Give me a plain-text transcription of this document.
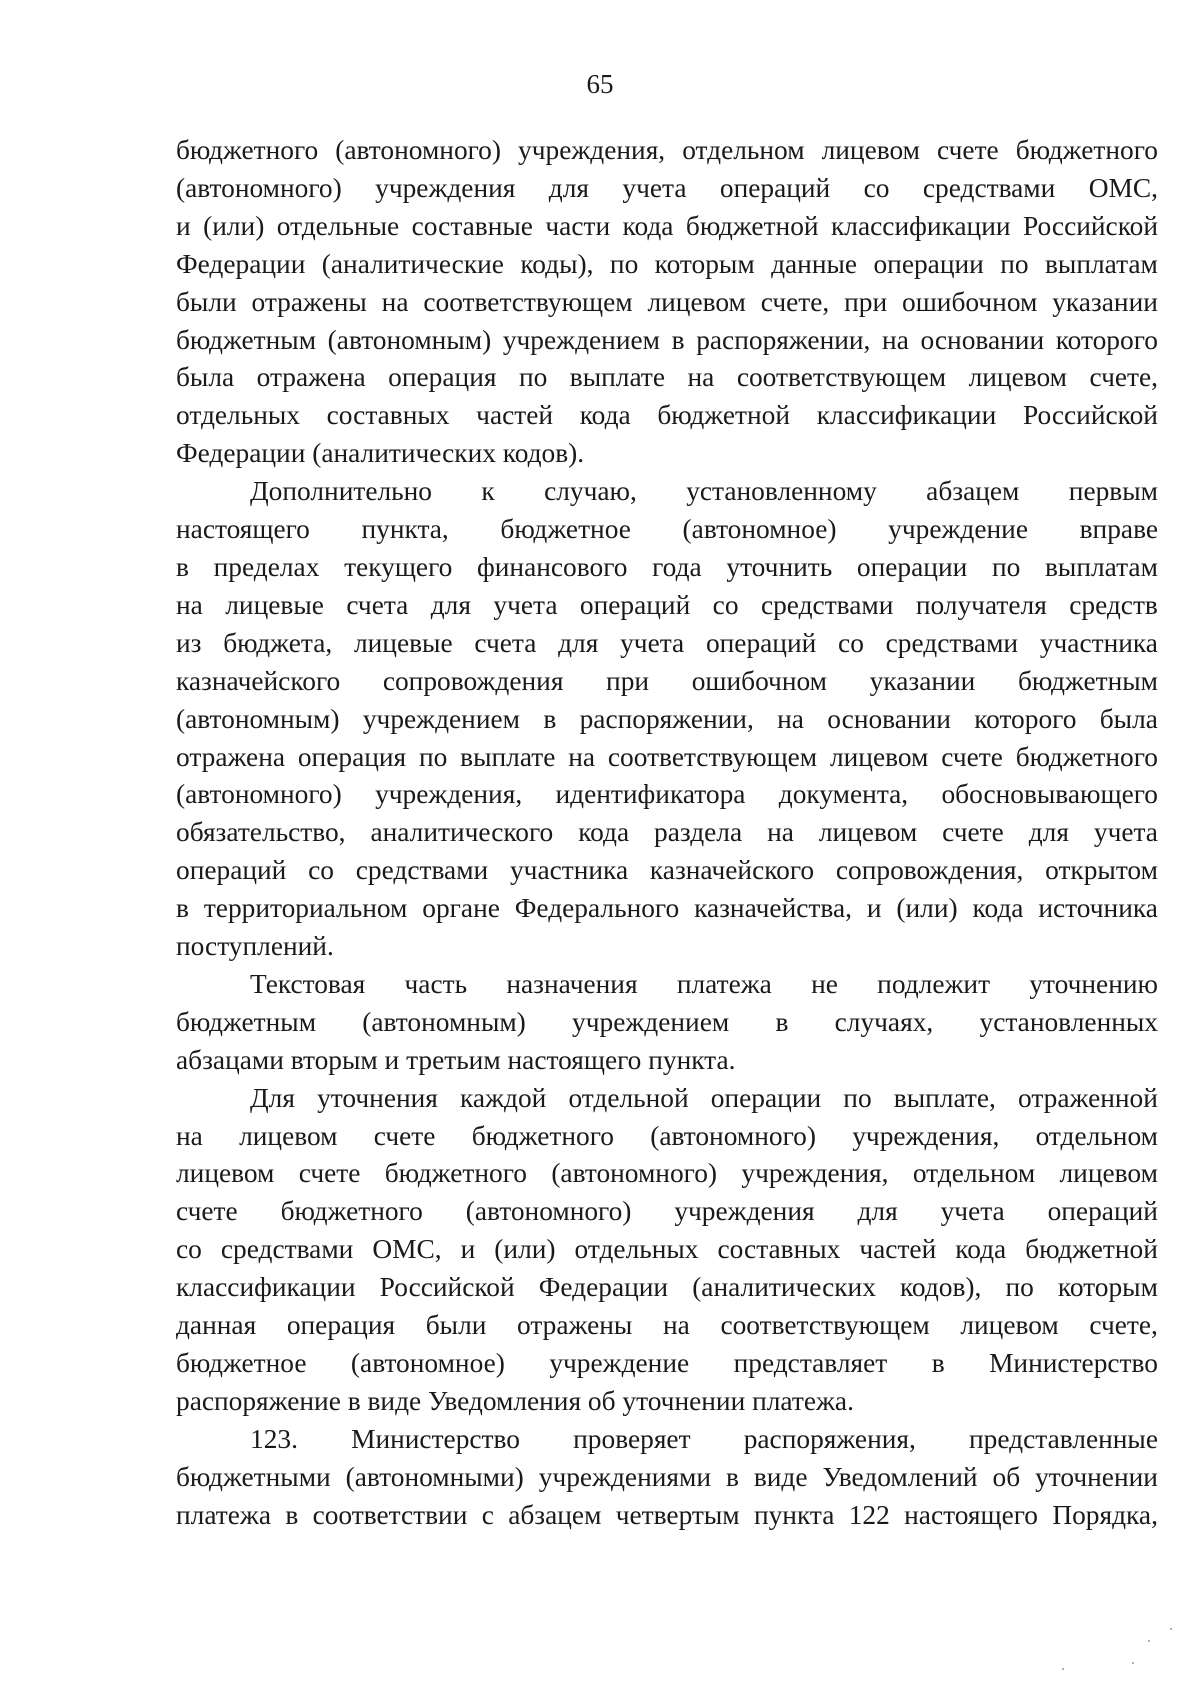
65
бюджетного (автономного) учреждения, отдельном лицевом счете бюджетного
(автономного) учреждения для учета операций со средствами ОМС,
и (или) отдельные составные части кода бюджетной классификации Российской
Федерации (аналитические коды), по которым данные операции по выплатам
были отражены на соответствующем лицевом счете, при ошибочном указании
бюджетным (автономным) учреждением в распоряжении, на основании которого
была отражена операция по выплате на соответствующем лицевом счете,
отдельных составных частей кода бюджетной классификации Российской
Федерации (аналитических кодов).
Дополнительно к случаю, установленному абзацем первым
настоящего пункта, бюджетное (автономное) учреждение вправе
в пределах текущего финансового года уточнить операции по выплатам
на лицевые счета для учета операций со средствами получателя средств
из бюджета, лицевые счета для учета операций со средствами участника
казначейского сопровождения при ошибочном указании бюджетным
(автономным) учреждением в распоряжении, на основании которого была
отражена операция по выплате на соответствующем лицевом счете бюджетного
(автономного) учреждения, идентификатора документа, обосновывающего
обязательство, аналитического кода раздела на лицевом счете для учета
операций со средствами участника казначейского сопровождения, открытом
в территориальном органе Федерального казначейства, и (или) кода источника
поступлений.
Текстовая часть назначения платежа не подлежит уточнению
бюджетным (автономным) учреждением в случаях, установленных
абзацами вторым и третьим настоящего пункта.
Для уточнения каждой отдельной операции по выплате, отраженной
на лицевом счете бюджетного (автономного) учреждения, отдельном
лицевом счете бюджетного (автономного) учреждения, отдельном лицевом
счете бюджетного (автономного) учреждения для учета операций
со средствами ОМС, и (или) отдельных составных частей кода бюджетной
классификации Российской Федерации (аналитических кодов), по которым
данная операция были отражены на соответствующем лицевом счете,
бюджетное (автономное) учреждение представляет в Министерство
распоряжение в виде Уведомления об уточнении платежа.
123. Министерство проверяет распоряжения, представленные
бюджетными (автономными) учреждениями в виде Уведомлений об уточнении
платежа в соответствии с абзацем четвертым пункта 122 настоящего Порядка,
